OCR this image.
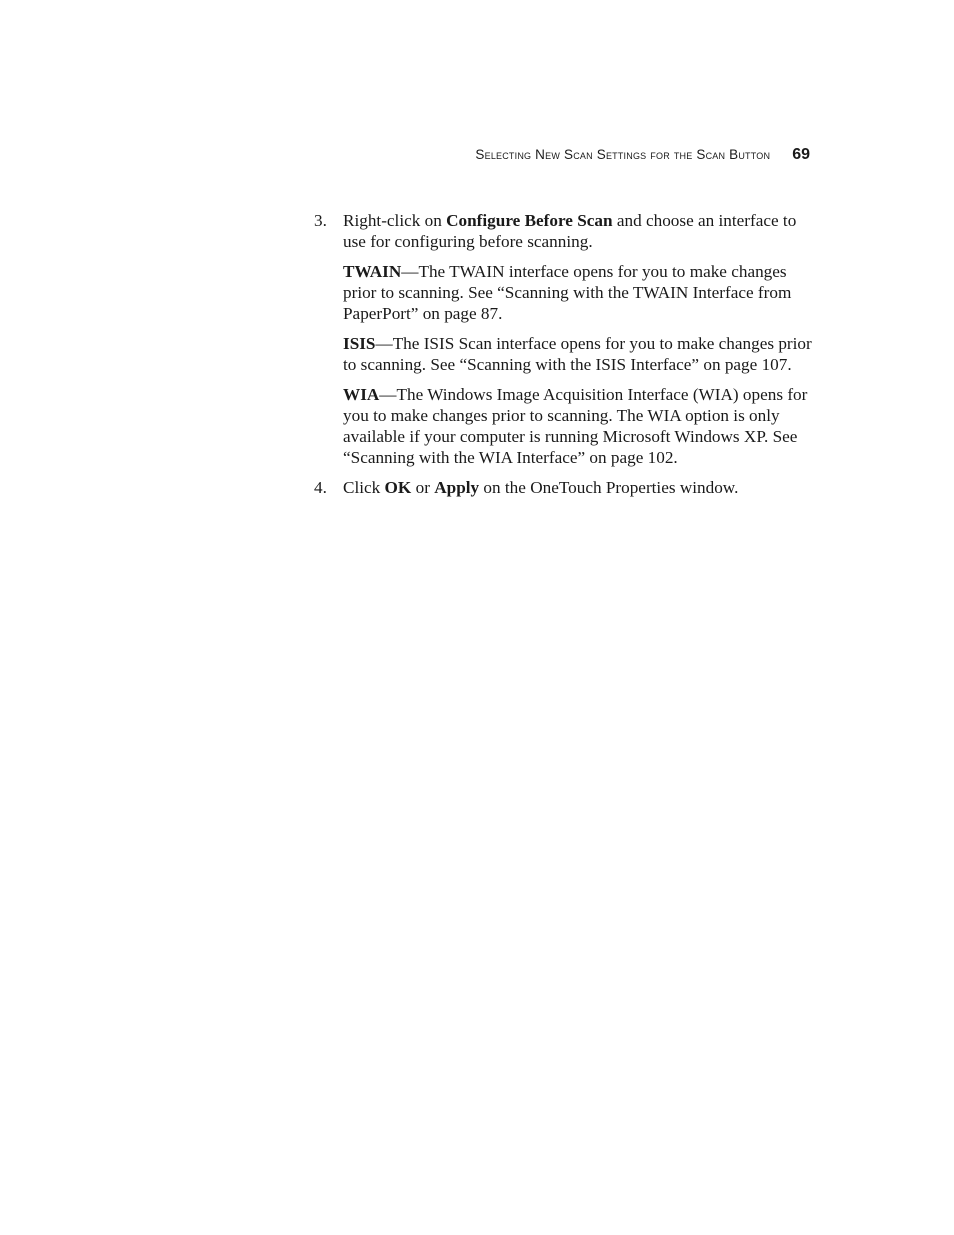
Selecting New Scan Settings for the Scan Button 69
3. Right-click on Configure Before Scan and choose an interface to use for configuring before scanning.

TWAIN—The TWAIN interface opens for you to make changes prior to scanning. See “Scanning with the TWAIN Interface from PaperPort” on page 87.

ISIS—The ISIS Scan interface opens for you to make changes prior to scanning. See “Scanning with the ISIS Interface” on page 107.

WIA—The Windows Image Acquisition Interface (WIA) opens for you to make changes prior to scanning. The WIA option is only available if your computer is running Microsoft Windows XP. See “Scanning with the WIA Interface” on page 102.

4. Click OK or Apply on the OneTouch Properties window.
